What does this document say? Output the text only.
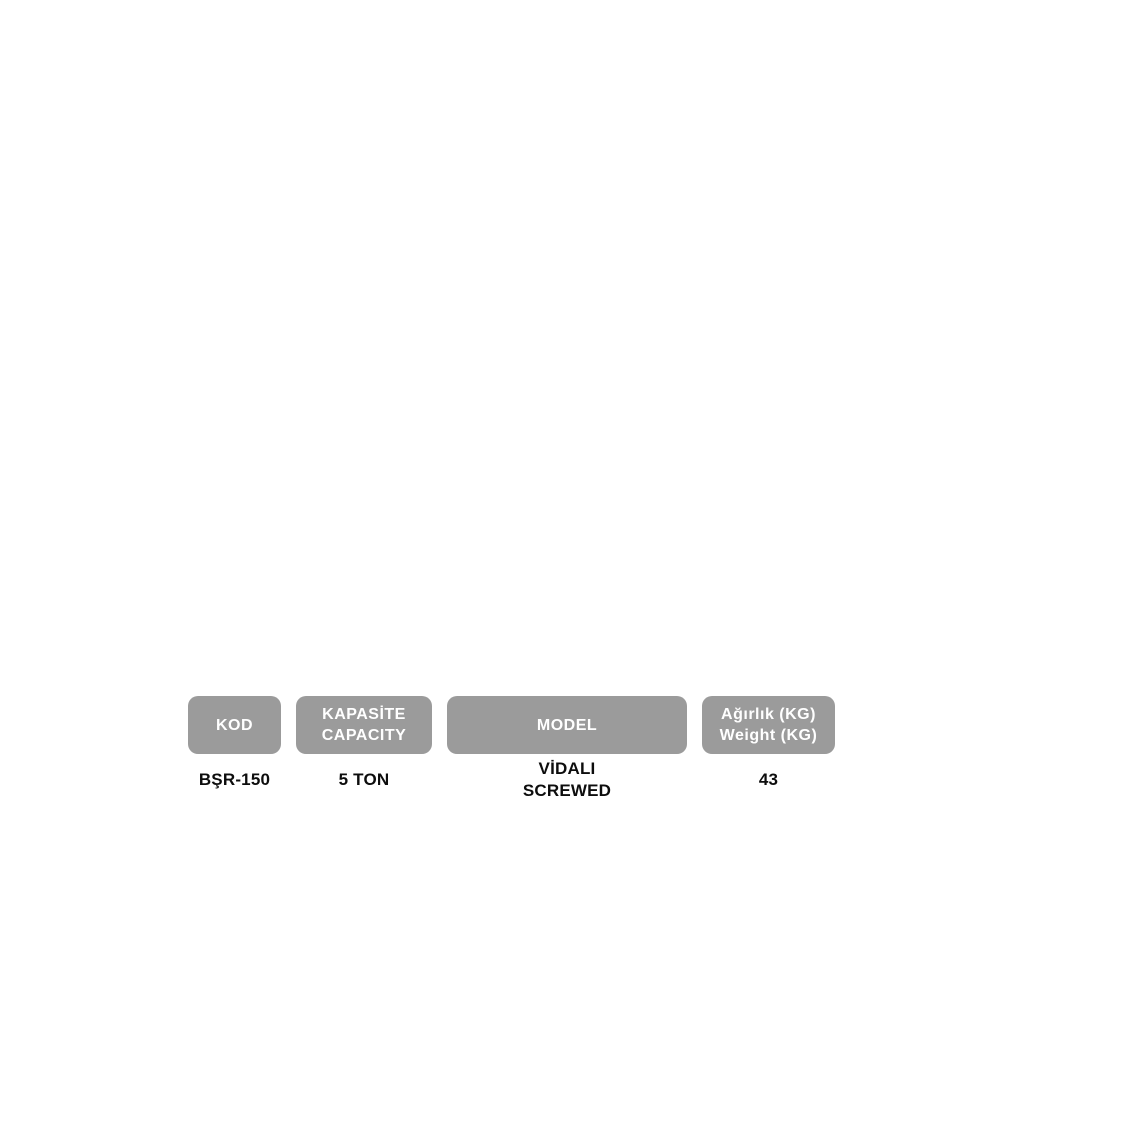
KOD
KAPASİTE
CAPACITY
MODEL
Ağırlık (KG)
Weight (KG)
BŞR-150	5 TON
VİDALI
SCREWED
43
